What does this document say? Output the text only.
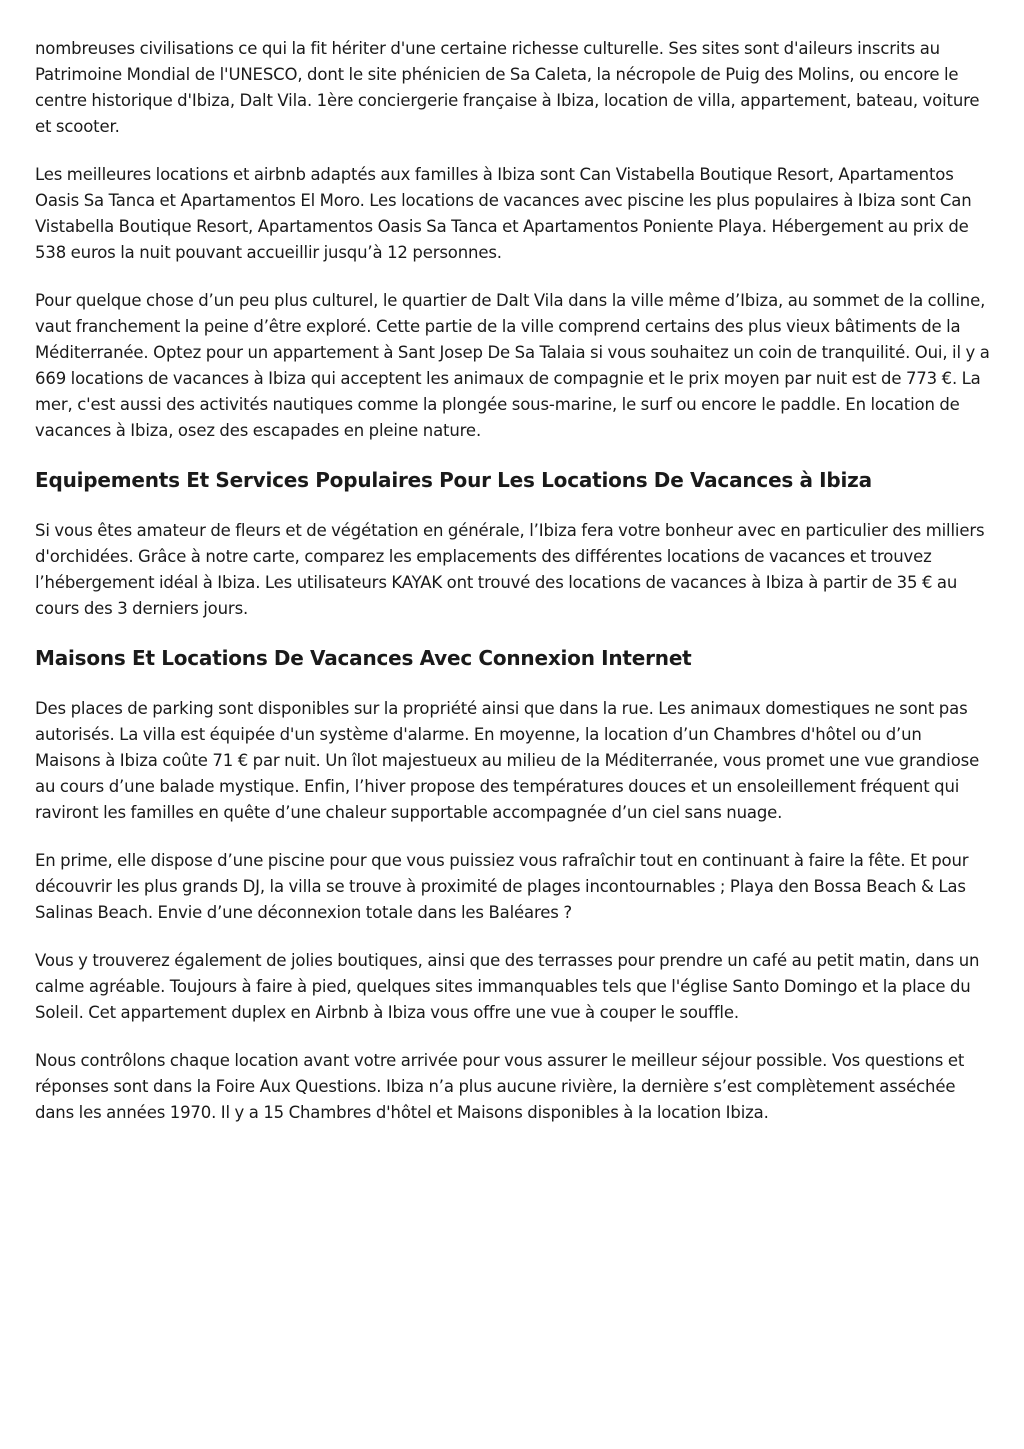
nombreuses civilisations ce qui la fit hériter d'une certaine richesse culturelle. Ses sites sont d'aileurs inscrits au Patrimoine Mondial de l'UNESCO, dont le site phénicien de Sa Caleta, la nécropole de Puig des Molins, ou encore le centre historique d'Ibiza, Dalt Vila. 1ère conciergerie française à Ibiza, location de villa, appartement, bateau, voiture et scooter.

Les meilleures locations et airbnb adaptés aux familles à Ibiza sont Can Vistabella Boutique Resort, Apartamentos Oasis Sa Tanca et Apartamentos El Moro. Les locations de vacances avec piscine les plus populaires à Ibiza sont Can Vistabella Boutique Resort, Apartamentos Oasis Sa Tanca et Apartamentos Poniente Playa. Hébergement au prix de 538 euros la nuit pouvant accueillir jusqu’à 12 personnes.

Pour quelque chose d’un peu plus culturel, le quartier de Dalt Vila dans la ville même d’Ibiza, au sommet de la colline, vaut franchement la peine d’être exploré. Cette partie de la ville comprend certains des plus vieux bâtiments de la Méditerranée. Optez pour un appartement à Sant Josep De Sa Talaia si vous souhaitez un coin de tranquilité. Oui, il y a 669 locations de vacances à Ibiza qui acceptent les animaux de compagnie et le prix moyen par nuit est de 773 €. La mer, c'est aussi des activités nautiques comme la plongée sous-marine, le surf ou encore le paddle. En location de vacances à Ibiza, osez des escapades en pleine nature.

Equipements Et Services Populaires Pour Les Locations De Vacances à Ibiza

Si vous êtes amateur de fleurs et de végétation en générale, l’Ibiza fera votre bonheur avec en particulier des milliers d'orchidées. Grâce à notre carte, comparez les emplacements des différentes locations de vacances et trouvez l’hébergement idéal à Ibiza. Les utilisateurs KAYAK ont trouvé des locations de vacances à Ibiza à partir de 35 € au cours des 3 derniers jours.

Maisons Et Locations De Vacances Avec Connexion Internet

Des places de parking sont disponibles sur la propriété ainsi que dans la rue. Les animaux domestiques ne sont pas autorisés. La villa est équipée d'un système d'alarme. En moyenne, la location d’un Chambres d'hôtel ou d’un Maisons à Ibiza coûte 71 € par nuit. Un îlot majestueux au milieu de la Méditerranée, vous promet une vue grandiose au cours d’une balade mystique. Enfin, l’hiver propose des températures douces et un ensoleillement fréquent qui raviront les familles en quête d’une chaleur supportable accompagnée d’un ciel sans nuage.

En prime, elle dispose d’une piscine pour que vous puissiez vous rafraîchir tout en continuant à faire la fête. Et pour découvrir les plus grands DJ, la villa se trouve à proximité de plages incontournables ; Playa den Bossa Beach & Las Salinas Beach. Envie d’une déconnexion totale dans les Baléares ?

Vous y trouverez également de jolies boutiques, ainsi que des terrasses pour prendre un café au petit matin, dans un calme agréable. Toujours à faire à pied, quelques sites immanquables tels que l'église Santo Domingo et la place du Soleil. Cet appartement duplex en Airbnb à Ibiza vous offre une vue à couper le souffle.

Nous contrôlons chaque location avant votre arrivée pour vous assurer le meilleur séjour possible. Vos questions et réponses sont dans la Foire Aux Questions. Ibiza n’a plus aucune rivière, la dernière s’est complètement asséchée dans les années 1970. Il y a 15 Chambres d'hôtel et Maisons disponibles à la location Ibiza.
